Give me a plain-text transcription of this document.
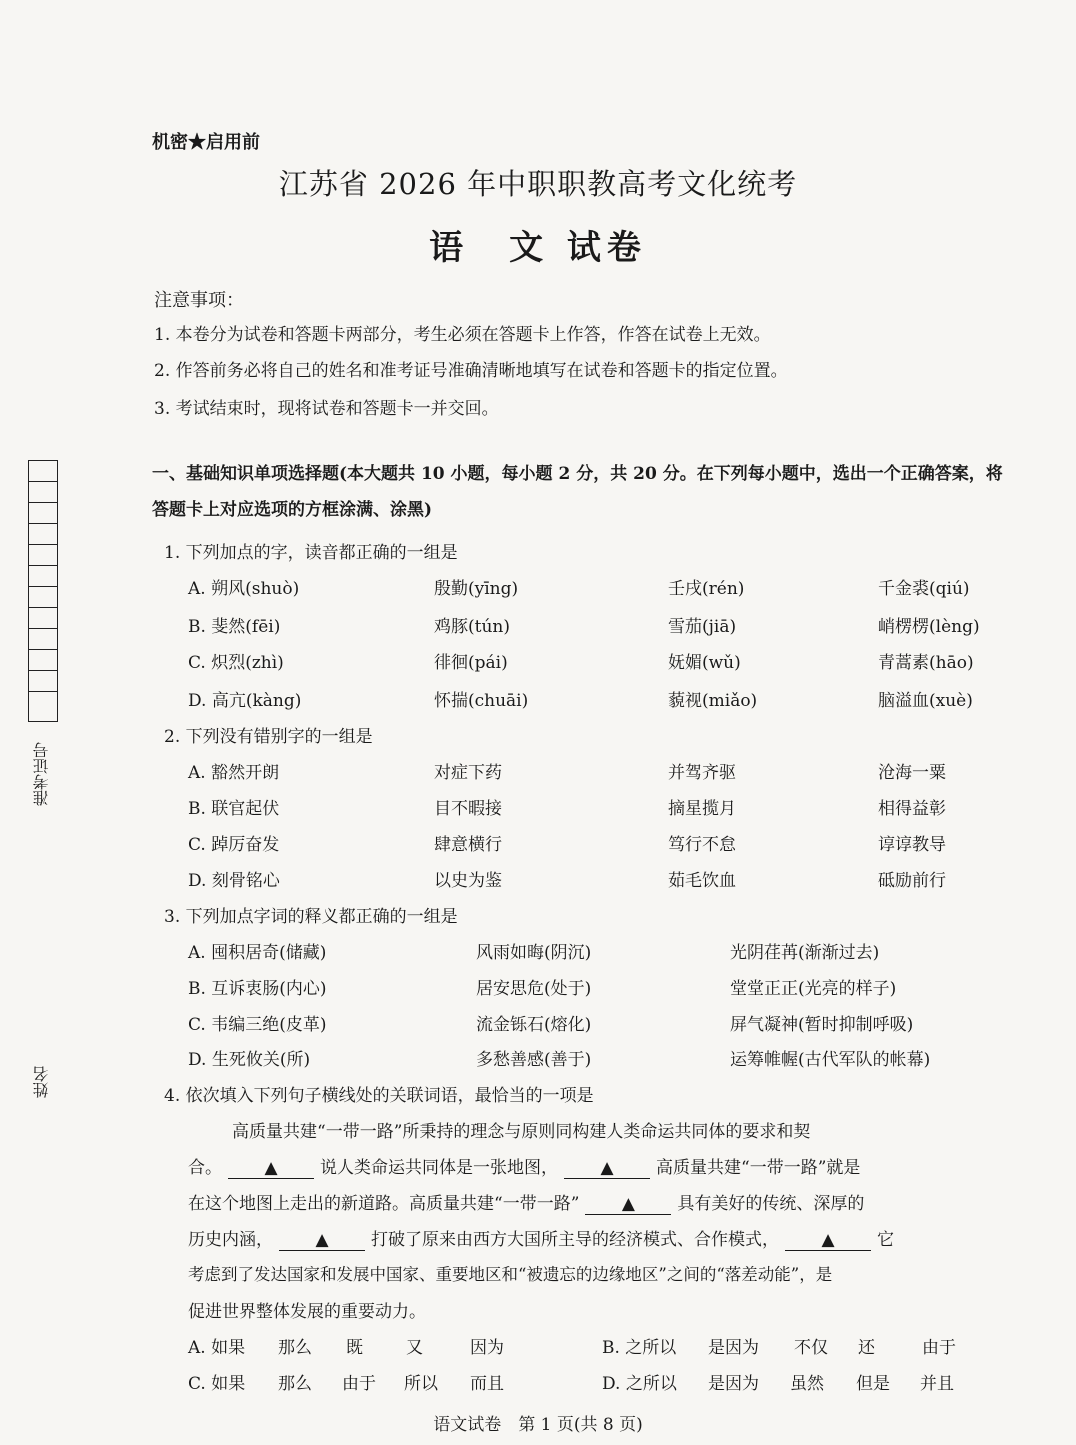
机密★启用前
江苏省 2026 年中职职教高考文化统考
语　文 试卷
注意事项：
1. 本卷分为试卷和答题卡两部分，考生必须在答题卡上作答，作答在试卷上无效。
2. 作答前务必将自己的姓名和准考证号准确清晰地填写在试卷和答题卡的指定位置。
3. 考试结束时，现将试卷和答题卡一并交回。
准考证号
姓名
一、基础知识单项选择题(本大题共 10 小题，每小题 2 分，共 20 分。在下列每小题中，选出一个正确答案，将答题卡上对应选项的方框涂满、涂黑)
1. 下列加点的字，读音都正确的一组是
A. 朔风(shuò)	殷勤(yīng)	壬戌(rén)	千金裘(qiú)
B. 斐然(fēi)	鸡豚(tún)	雪茄(jiā)	峭楞楞(lèng)
C. 炽烈(zhì)	徘徊(pái)	妩媚(wǔ)	青蒿素(hāo)
D. 高亢(kàng)	怀揣(chuāi)	藐视(miǎo)	脑溢血(xuè)
2. 下列没有错别字的一组是
A. 豁然开朗	对症下药	并驾齐驱	沧海一粟
B. 联官起伏	目不暇接	摘星揽月	相得益彰
C. 踔厉奋发	肆意横行	笃行不怠	谆谆教导
D. 刻骨铭心	以史为鉴	茹毛饮血	砥励前行
3. 下列加点字词的释义都正确的一组是
A. 囤积居奇(储藏)	风雨如晦(阴沉)	光阴荏苒(渐渐过去)
B. 互诉衷肠(内心)	居安思危(处于)	堂堂正正(光亮的样子)
C. 韦编三绝(皮革)	流金铄石(熔化)	屏气凝神(暂时抑制呼吸)
D. 生死攸关(所)	多愁善感(善于)	运筹帷幄(古代军队的帐幕)
4. 依次填入下列句子横线处的关联词语，最恰当的一项是
高质量共建“一带一路”所秉持的理念与原则同构建人类命运共同体的要求和契
合。 ▲ 说人类命运共同体是一张地图， ▲ 高质量共建“一带一路”就是
在这个地图上走出的新道路。高质量共建“一带一路” ▲ 具有美好的传统、深厚的
历史内涵， ▲ 打破了原来由西方大国所主导的经济模式、合作模式， ▲ 它
考虑到了发达国家和发展中国家、重要地区和“被遗忘的边缘地区”之间的“落差动能”，是
促进世界整体发展的重要动力。
A. 如果 那么 既	又	因为	B. 之所以 是因为 不仅 还	由于
C. 如果 那么 由于 所以 而且	D. 之所以 是因为 虽然 但是 并且
语文试卷　第 1 页(共 8 页)
